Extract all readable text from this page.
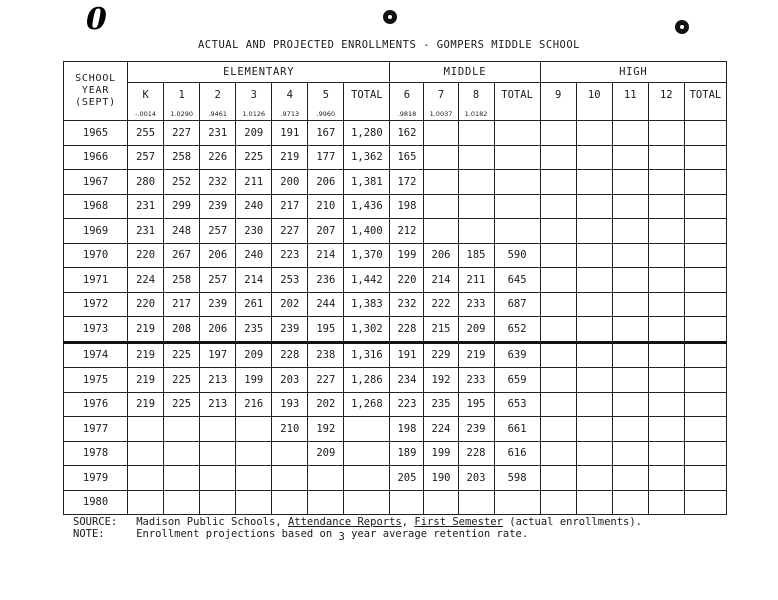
0
ACTUAL AND PROJECTED ENROLLMENTS - GOMPERS MIDDLE SCHOOL
SCHOOL
YEAR
(SEPT)	ELEMENTARY							MIDDLE				HIGH				
	K	1	2	3	4	5	TOTAL	6	7	8	TOTAL	9	10	11	12	TOTAL
	-.0014	1.0290	.9461	1.0126	.9713	.9960		.9818	1.0037	1.0182						
1965	255	227	231	209	191	167	1,280	162								
1966	257	258	226	225	219	177	1,362	165								
1967	280	252	232	211	200	206	1,381	172								
1968	231	299	239	240	217	210	1,436	198								
1969	231	248	257	230	227	207	1,400	212								
1970	220	267	206	240	223	214	1,370	199	206	185	590					
1971	224	258	257	214	253	236	1,442	220	214	211	645					
1972	220	217	239	261	202	244	1,383	232	222	233	687					
1973	219	208	206	235	239	195	1,302	228	215	209	652					
1974	219	225	197	209	228	238	1,316	191	229	219	639					
1975	219	225	213	199	203	227	1,286	234	192	233	659					
1976	219	225	213	216	193	202	1,268	223	235	195	653					
1977					210	192		198	224	239	661					
1978						209		189	199	228	616					
1979								205	190	203	598					
1980																
SOURCE: Madison Public Schools, Attendance Reports, First Semester (actual enrollments).
NOTE:	Enrollment projections based on 3 year average retention rate.
